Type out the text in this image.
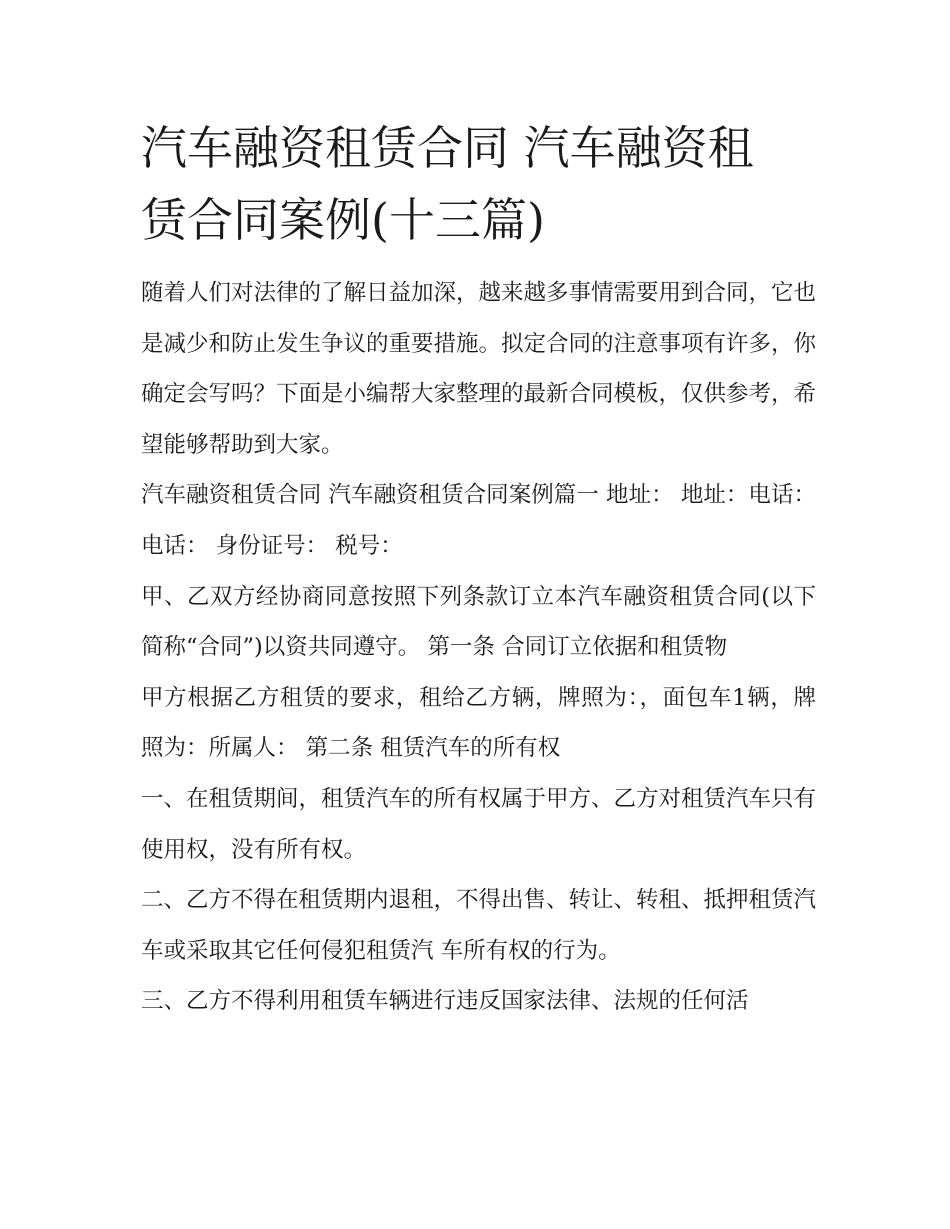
汽车融资租赁合同 汽车融资租
赁合同案例(十三篇)

随着人们对法律的了解日益加深，越来越多事情需要用到合同，它也是减少和防止发生争议的重要措施。拟定合同的注意事项有许多，你确定会写吗？下面是小编帮大家整理的最新合同模板，仅供参考，希望能够帮助到大家。

汽车融资租赁合同 汽车融资租赁合同案例篇一 地址： 地址：电话： 电话： 身份证号： 税号：

甲、乙双方经协商同意按照下列条款订立本汽车融资租赁合同(以下简称“合同”)以资共同遵守。 第一条 合同订立依据和租赁物

甲方根据乙方租赁的要求，租给乙方辆，牌照为：，面包车1辆，牌照为：所属人： 第二条 租赁汽车的所有权

一、在租赁期间，租赁汽车的所有权属于甲方、乙方对租赁汽车只有使用权，没有所有权。

二、乙方不得在租赁期内退租，不得出售、转让、转租、抵押租赁汽车或采取其它任何侵犯租赁汽 车所有权的行为。

三、乙方不得利用租赁车辆进行违反国家法律、法规的任何活
